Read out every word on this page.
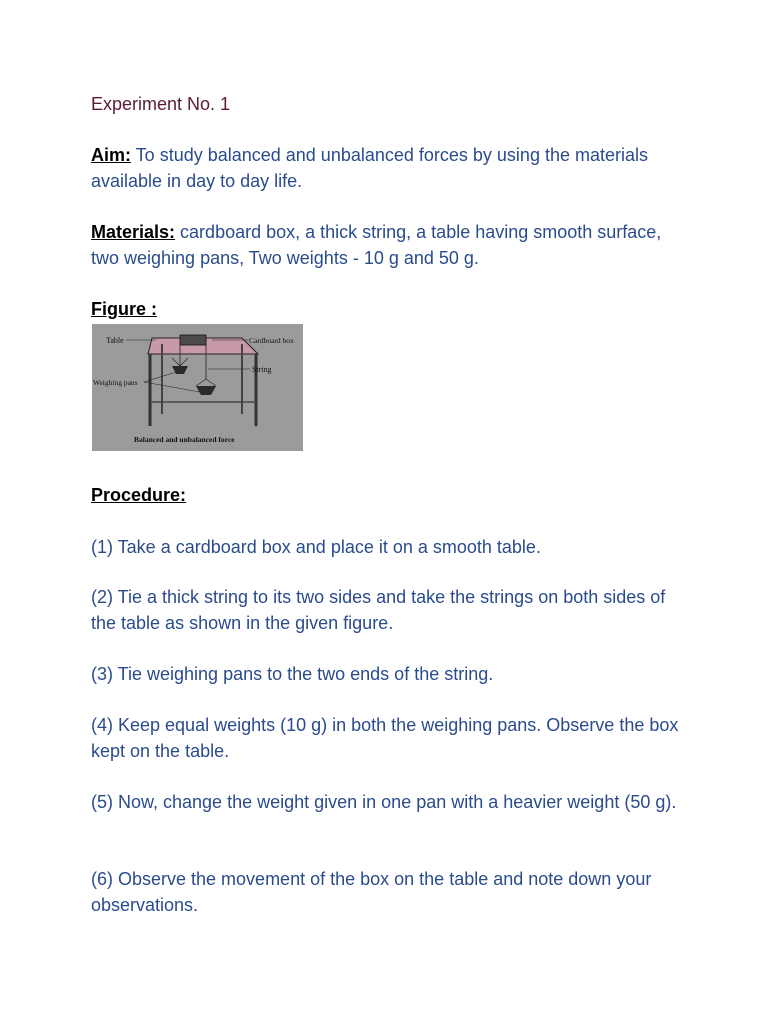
Experiment No. 1
Aim: To study balanced and unbalanced forces by using the materials available in day to day life.
Materials: cardboard box, a thick string, a table having smooth surface, two weighing pans, Two weights - 10 g and 50 g.
Figure :
Table	Cardboard box
String
Weighing pans
Balanced and unbalanced force
Procedure:
(1) Take a cardboard box and place it on a smooth table.
(2) Tie a thick string to its two sides and take the strings on both sides of the table as shown in the given figure.
(3) Tie weighing pans to the two ends of the string.
(4) Keep equal weights (10 g) in both the weighing pans. Observe the box kept on the table.
(5) Now, change the weight given in one pan with a heavier weight (50 g).
(6) Observe the movement of the box on the table and note down your observations.
